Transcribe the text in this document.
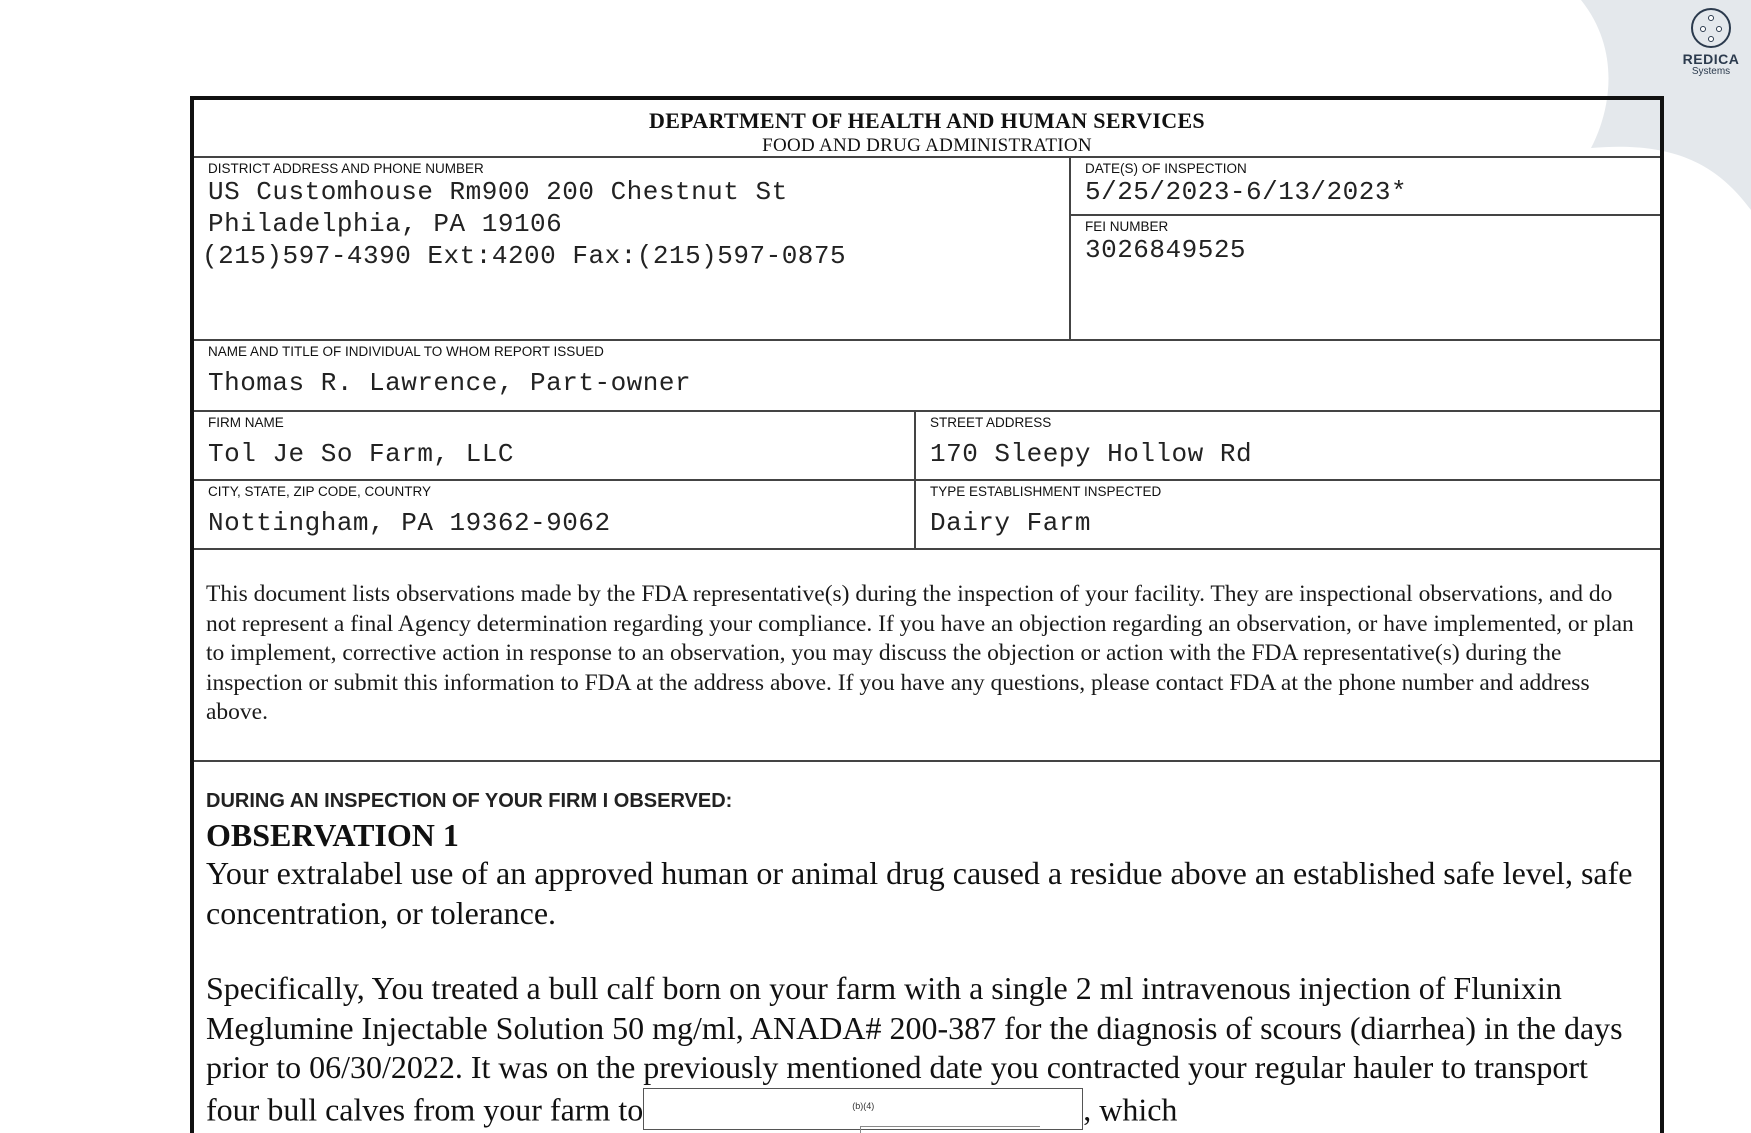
REDICA
Systems
DEPARTMENT OF HEALTH AND HUMAN SERVICES
FOOD AND DRUG ADMINISTRATION
DISTRICT ADDRESS AND PHONE NUMBER
US Customhouse Rm900 200 Chestnut St
Philadelphia, PA 19106
(215)597-4390 Ext:4200 Fax:(215)597-0875
DATE(S) OF INSPECTION
5/25/2023-6/13/2023*
FEI NUMBER
3026849525
NAME AND TITLE OF INDIVIDUAL TO WHOM REPORT ISSUED
Thomas R. Lawrence, Part-owner
FIRM NAME
Tol Je So Farm, LLC
STREET ADDRESS
170 Sleepy Hollow Rd
CITY, STATE, ZIP CODE, COUNTRY
Nottingham, PA 19362-9062
TYPE ESTABLISHMENT INSPECTED
Dairy Farm
This document lists observations made by the FDA representative(s) during the inspection of your facility. They are inspectional observations, and do not represent a final Agency determination regarding your compliance. If you have an objection regarding an observation, or have implemented, or plan to implement, corrective action in response to an observation, you may discuss the objection or action with the FDA representative(s) during the inspection or submit this information to FDA at the address above. If you have any questions, please contact FDA at the phone number and address above.
DURING AN INSPECTION OF YOUR FIRM I OBSERVED:
OBSERVATION 1
Your extralabel use of an approved human or animal drug caused a residue above an established safe level, safe concentration, or tolerance.
Specifically, You treated a bull calf born on your farm with a single 2 ml intravenous injection of Flunixin Meglumine Injectable Solution 50 mg/ml, ANADA# 200-387 for the diagnosis of scours (diarrhea) in the days prior to 06/30/2022. It was on the previously mentioned date you contracted your regular hauler to transport four bull calves from your farm to	(b)(4)	, which
